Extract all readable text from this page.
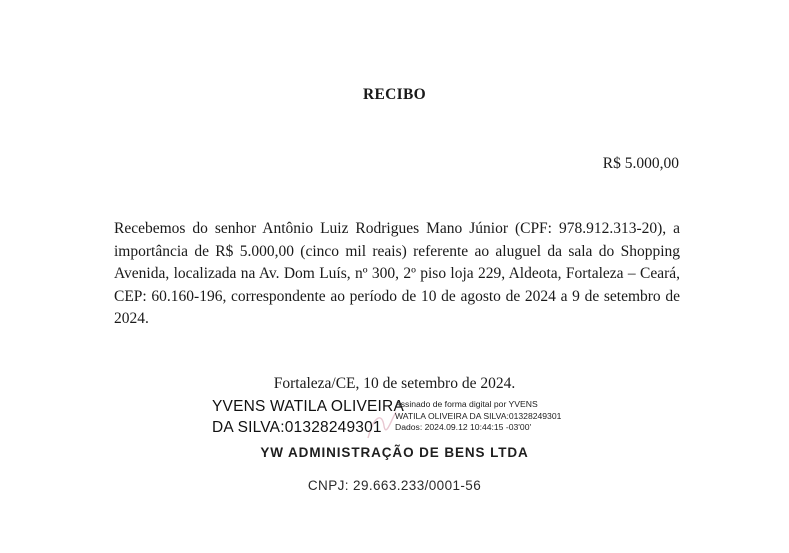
RECIBO
R$ 5.000,00
Recebemos do senhor Antônio Luiz Rodrigues Mano Júnior (CPF: 978.912.313-20), a importância de R$ 5.000,00 (cinco mil reais) referente ao aluguel da sala do Shopping Avenida, localizada na Av. Dom Luís, nº 300, 2º piso loja 229, Aldeota, Fortaleza – Ceará, CEP: 60.160-196, correspondente ao período de 10 de agosto de 2024 a 9 de setembro de 2024.
Fortaleza/CE, 10 de setembro de 2024.
YVENS WATILA OLIVEIRA
DA SILVA:01328249301
Assinado de forma digital por YVENS
WATILA OLIVEIRA DA SILVA:01328249301
Dados: 2024.09.12 10:44:15 -03'00'
YW ADMINISTRAÇÃO DE BENS LTDA
CNPJ: 29.663.233/0001-56
